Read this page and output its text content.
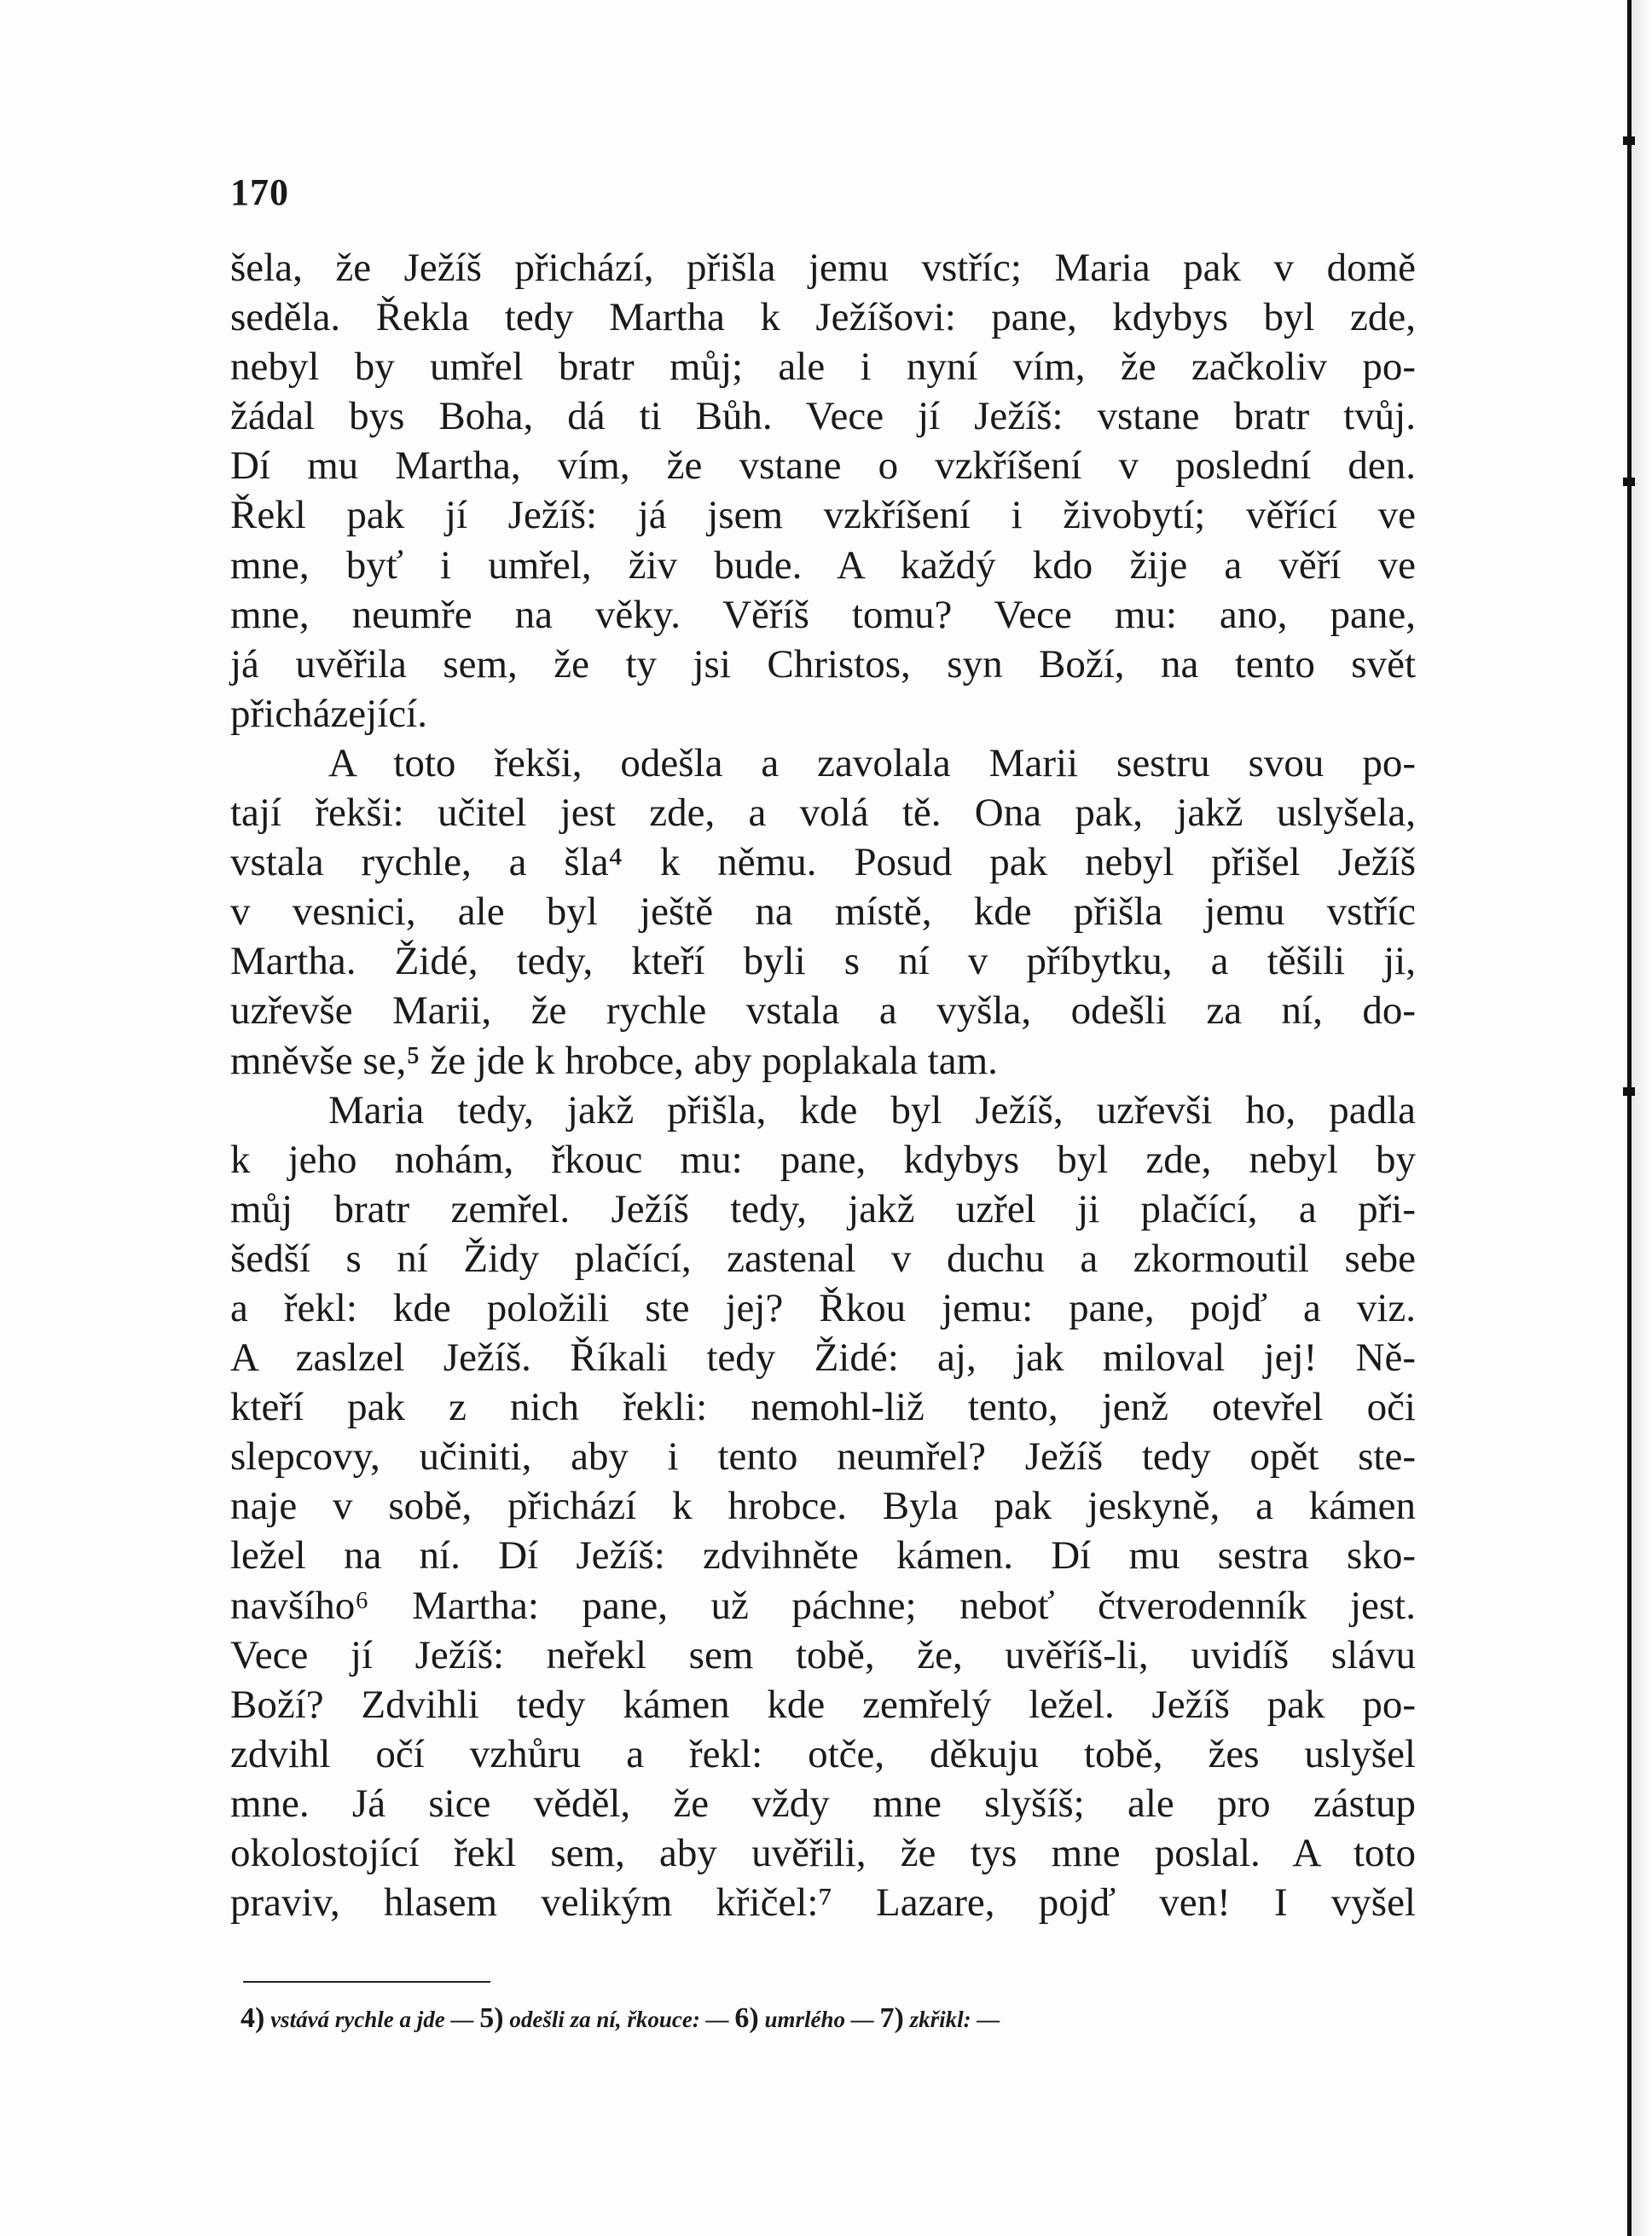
170
šela, že Ježíš přichází, přišla jemu vstříc; Maria pak v domě
seděla. Řekla tedy Martha k Ježíšovi: pane, kdybys byl zde,
nebyl by umřel bratr můj; ale i nyní vím, že začkoliv po-
žádal bys Boha, dá ti Bůh. Vece jí Ježíš: vstane bratr tvůj.
Dí mu Martha, vím, že vstane o vzkříšení v poslední den.
Řekl pak jí Ježíš: já jsem vzkříšení i živobytí; věřící ve
mne, byť i umřel, živ bude. A každý kdo žije a věří ve
mne, neumře na věky. Věříš tomu? Vece mu: ano, pane,
já uvěřila sem, že ty jsi Christos, syn Boží, na tento svět
přicházející.
A toto řekši, odešla a zavolala Marii sestru svou po-
tají řekši: učitel jest zde, a volá tě. Ona pak, jakž uslyšela,
vstala rychle, a šla⁴ k němu. Posud pak nebyl přišel Ježíš
v vesnici, ale byl ještě na místě, kde přišla jemu vstříc
Martha. Židé, tedy, kteří byli s ní v příbytku, a těšili ji,
uzřevše Marii, že rychle vstala a vyšla, odešli za ní, do-
mněvše se,⁵ že jde k hrobce, aby poplakala tam.
Maria tedy, jakž přišla, kde byl Ježíš, uzřevši ho, padla
k jeho nohám, řkouc mu: pane, kdybys byl zde, nebyl by
můj bratr zemřel. Ježíš tedy, jakž uzřel ji plačící, a při-
šedší s ní Židy plačící, zastenal v duchu a zkormoutil sebe
a řekl: kde položili ste jej? Řkou jemu: pane, pojď a viz.
A zaslzel Ježíš. Říkali tedy Židé: aj, jak miloval jej! Ně-
kteří pak z nich řekli: nemohl-liž tento, jenž otevřel oči
slepcovy, učiniti, aby i tento neumřel? Ježíš tedy opět ste-
naje v sobě, přichází k hrobce. Byla pak jeskyně, a kámen
ležel na ní. Dí Ježíš: zdvihněte kámen. Dí mu sestra sko-
navšího⁶ Martha: pane, už páchne; neboť čtverodenník jest.
Vece jí Ježíš: neřekl sem tobě, že, uvěříš-li, uvidíš slávu
Boží? Zdvihli tedy kámen kde zemřelý ležel. Ježíš pak po-
zdvihl očí vzhůru a řekl: otče, děkuju tobě, žes uslyšel
mne. Já sice věděl, že vždy mne slyšíš; ale pro zástup
okolostojící řekl sem, aby uvěřili, že tys mne poslal. A toto
praviv, hlasem velikým křičel:⁷ Lazare, pojď ven! I vyšel
4) vstává rychle a jde — 5) odešli za ní, řkouce: — 6) umrlého — 7) zkřikl: —
